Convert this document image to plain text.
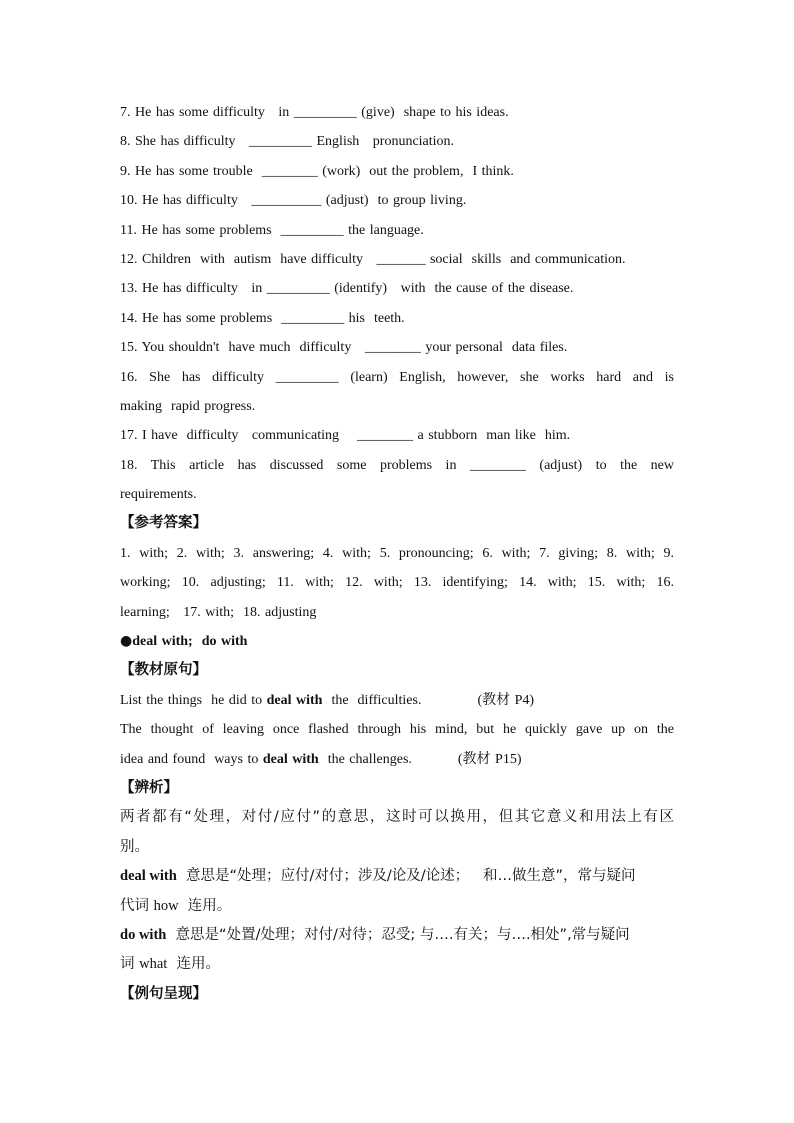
7. He has some difficulty   in _________ (give)  shape to his ideas.
8. She has difficulty   _________ English   pronunciation.
9. He has some trouble  ________ (work)  out the problem,  I think.
10. He has difficulty   __________ (adjust)  to group living.
11. He has some problems  _________ the language.
12. Children  with  autism  have difficulty   _______ social  skills  and communication.
13. He has difficulty   in _________ (identify)   with  the cause of the disease.
14. He has some problems  _________ his  teeth.
15. You shouldn't  have much  difficulty   ________ your personal  data files.
16. She has difficulty _________ (learn) English, however, she works hard and is
making  rapid progress.
17. I have  difficulty   communicating    ________ a stubborn  man like  him.
18. This article has discussed some problems in ________ (adjust) to the new
requirements.
【参考答案】
1. with; 2. with; 3. answering; 4. with; 5. pronouncing; 6. with; 7. giving; 8. with; 9.
working; 10. adjusting; 11. with; 12. with; 13. identifying; 14. with; 15. with; 16.
learning;   17. with;  18. adjusting
●deal with;  do with
【教材原句】
List the things  he did to deal with  the  difficulties.	(教材 P4)
The thought of leaving once flashed through his mind, but he quickly gave up on the
idea and found  ways to deal with  the challenges.	(教材 P15)
【辨析】
两者都有“处理，对付/应付”的意思，这时可以换用，但其它意义和用法上有区
别。
deal with  意思是“处理；应付/对付；涉及/论及/论述；   和…做生意”，常与疑问
代词 how  连用。
do with  意思是“处置/处理；对付/对待；忍受; 与….有关；与….相处”,常与疑问
词 what  连用。
【例句呈现】
